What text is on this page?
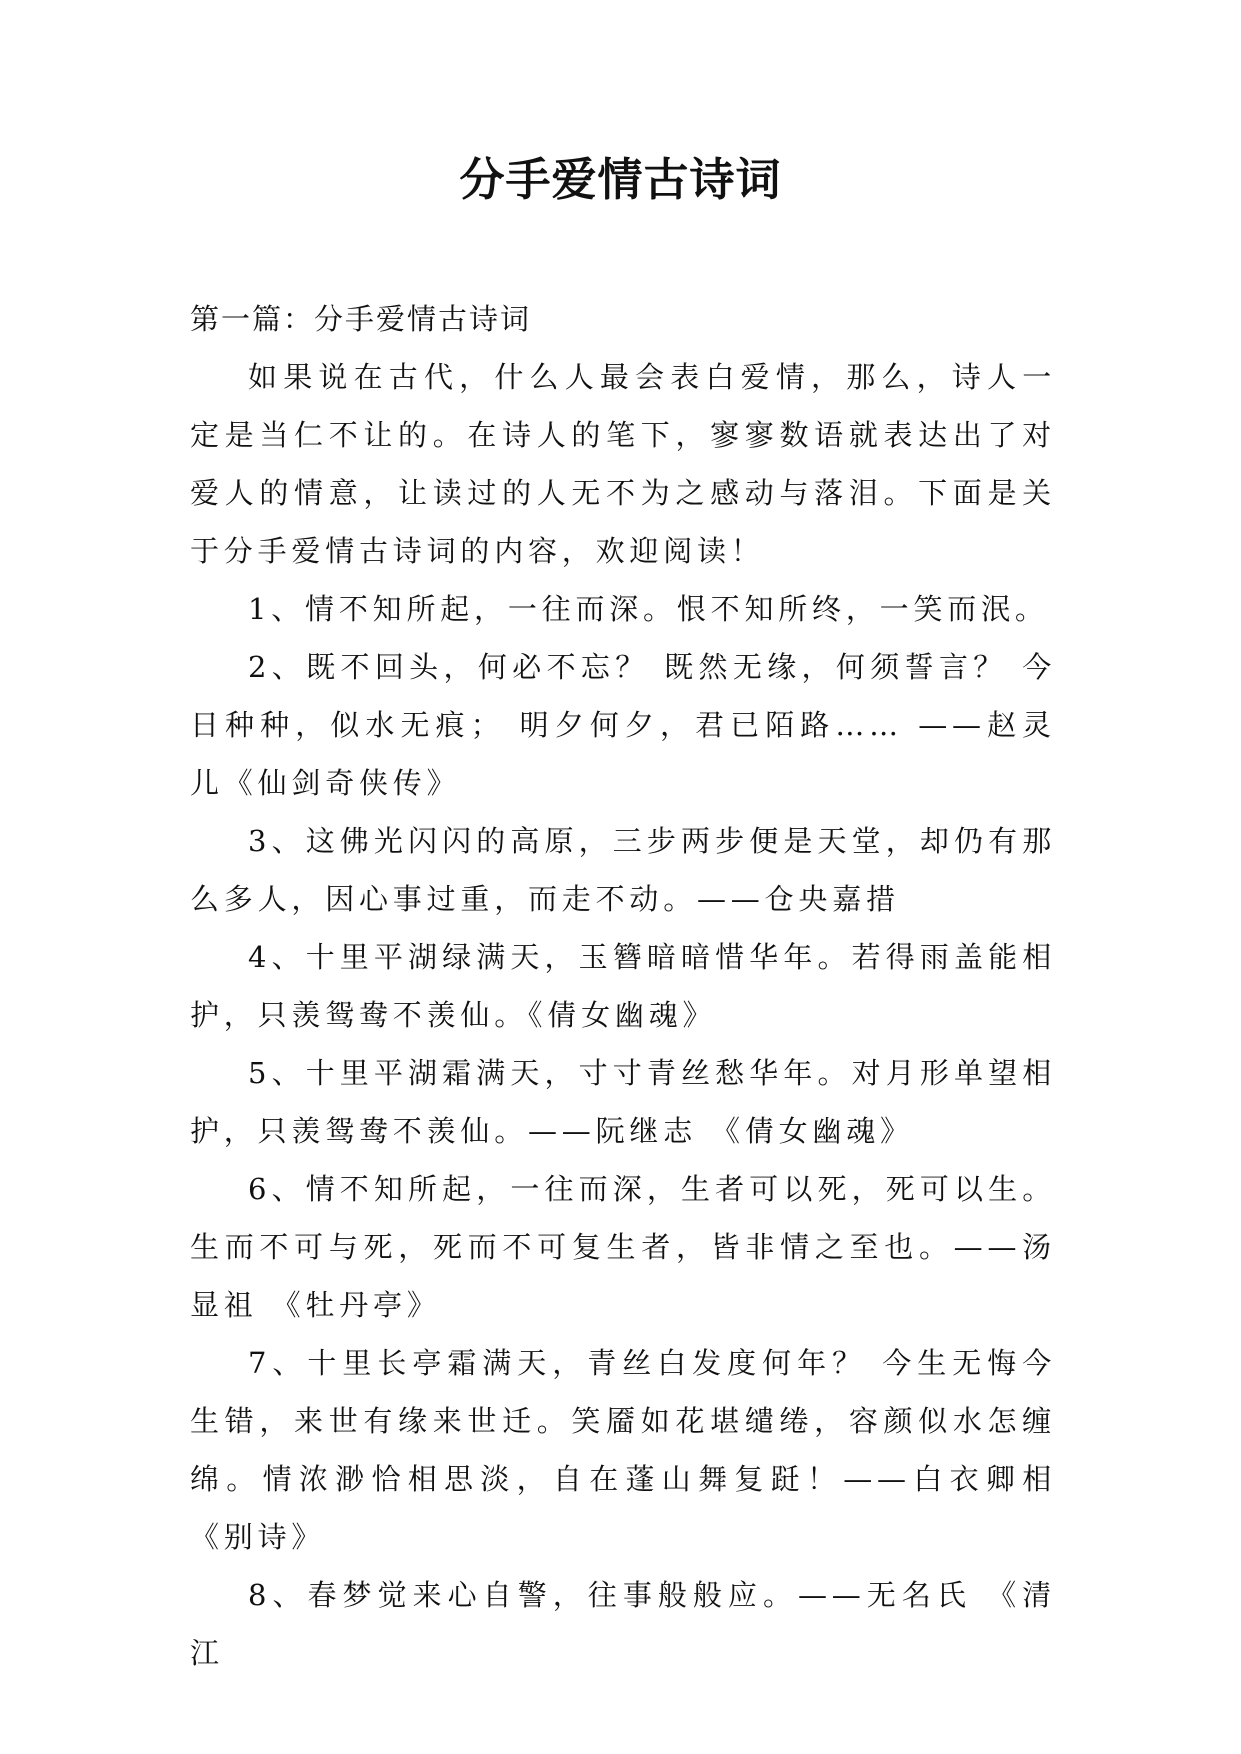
分手爱情古诗词

第一篇：分手爱情古诗词

如果说在古代，什么人最会表白爱情，那么，诗人一定是当仁不让的。在诗人的笔下，寥寥数语就表达出了对爱人的情意，让读过的人无不为之感动与落泪。下面是关于分手爱情古诗词的内容，欢迎阅读！

1、情不知所起，一往而深。恨不知所终，一笑而泯。

2、既不回头，何必不忘？ 既然无缘，何须誓言？ 今日种种，似水无痕； 明夕何夕，君已陌路…… ——赵灵儿《仙剑奇侠传》

3、这佛光闪闪的高原，三步两步便是天堂，却仍有那么多人，因心事过重，而走不动。——仓央嘉措

4、十里平湖绿满天，玉簪暗暗惜华年。若得雨盖能相护，只羡鸳鸯不羡仙。《倩女幽魂》

5、十里平湖霜满天，寸寸青丝愁华年。对月形单望相护，只羡鸳鸯不羡仙。——阮继志 《倩女幽魂》

6、情不知所起，一往而深，生者可以死，死可以生。生而不可与死，死而不可复生者，皆非情之至也。——汤显祖 《牡丹亭》

7、十里长亭霜满天，青丝白发度何年？ 今生无悔今生错，来世有缘来世迁。笑靥如花堪缱绻，容颜似水怎缠绵。情浓渺恰相思淡，自在蓬山舞复跹！——白衣卿相 《别诗》

8、春梦觉来心自警，往事般般应。——无名氏 《清江
